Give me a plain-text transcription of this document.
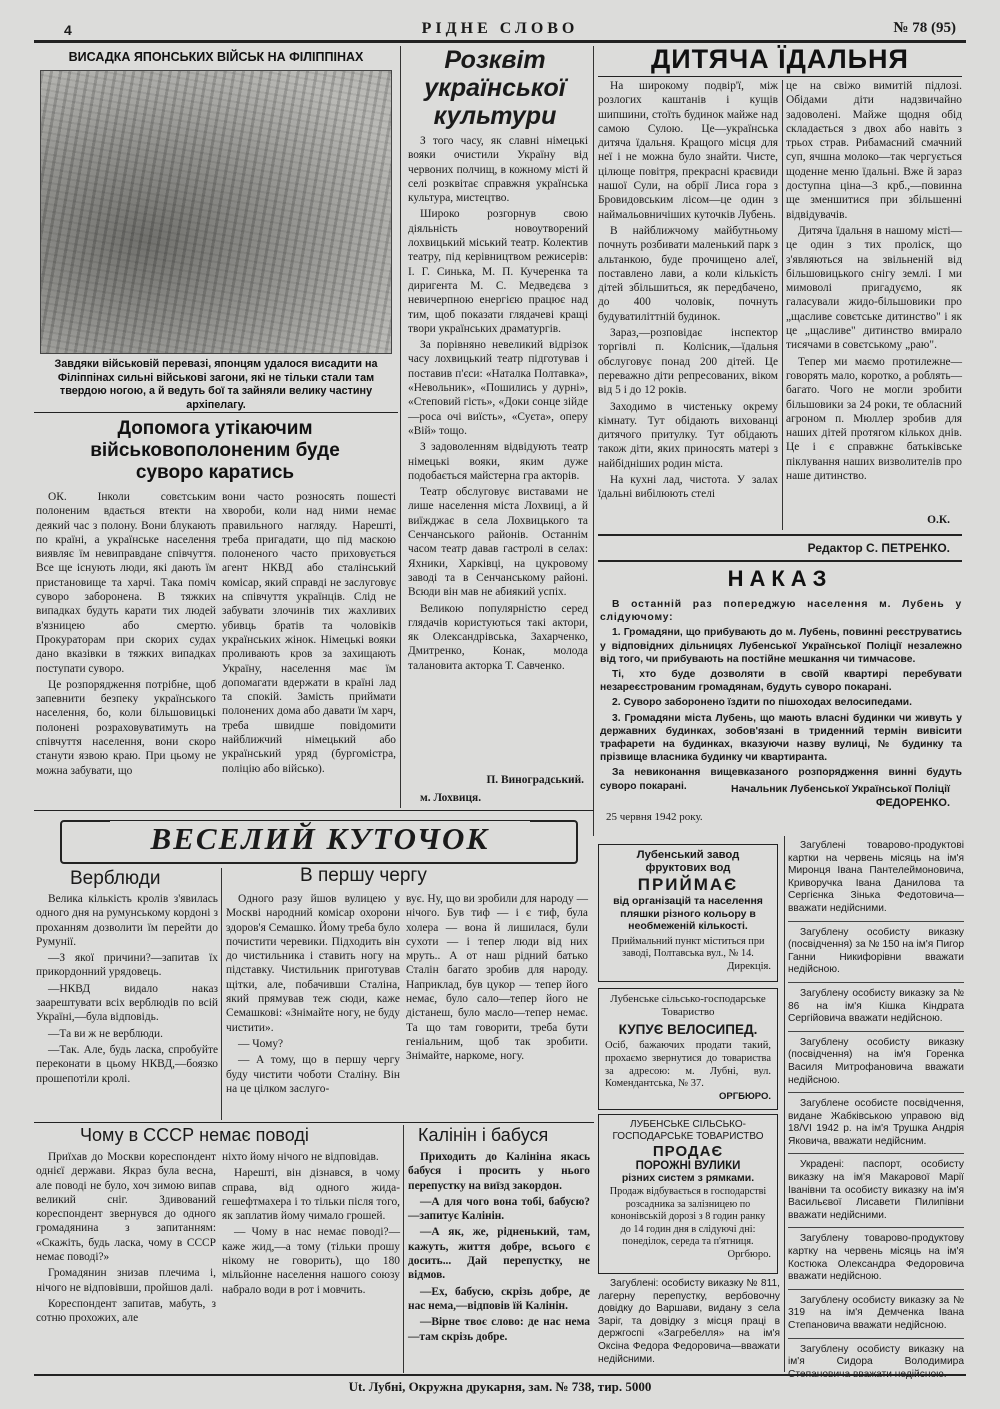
4	РІДНЕ СЛОВО	№ 78 (95)
ВИСАДКА ЯПОНСЬКИХ ВІЙСЬК НА ФІЛІППІНАХ
Завдяки військовій перевазі, японцям удалося висадити на Філіппінах сильні військові загони, які не тільки стали там твердою ногою, а й ведуть бої та зайняли велику частину архіпелагу.
Допомога утікаючим військовополоненим буде суворо каратись

ОК. Інколи совєтським полоненим вдається втекти на деякий час з полону. Вони блукають по країні, а українське населення виявляє їм невиправдане співчуття. Все ще існують люди, які дають їм пристановище та харчі. Така поміч суворо заборонена. В тяжких випадках будуть карати тих людей в'язницею або смертю. Прокураторам при скорих судах дано вказівки в тяжких випадках поступати суворо.

Це розпорядження потрібне, щоб запевнити безпеку українського населення, бо, коли більшовицькі полонені розраховуватимуть на співчуття населення, вони скоро станути язвою краю. При цьому не можна забувати, що

вони часто розносять пошесті хвороби, коли над ними немає правильного нагляду. Нарешті, треба пригадати, що під маскою полоненого часто приховується агент НКВД або сталінський комісар, який справді не заслуговує на співчуття українців. Слід не забувати злочинів тих жахливих убивць братів та чоловіків українських жінок. Німецькі вояки проливають кров за захищають Україну, населення має їм допомагати вдержати в країні лад та спокій. Замість приймати полонених дома або давати їм харч, треба швидше повідомити найближчий німецький або український уряд (бургомістра, поліцію або військо).

Розквіт української культури

З того часу, як славні німецькі вояки очистили Україну від червоних полчищ, в кожному місті й селі розквітає справжня українська культура, мистецтво.

Широко розгорнув свою діяльність новоутворений лохвицький міський театр. Колектив театру, під керівництвом режисерів: І. Г. Синька, М. П. Кучеренка та диригента М. С. Медведєва з невичерпною енергією працює над тим, щоб показати глядачеві кращі твори українських драматургів.

За порівняно невеликий відрізок часу лохвицький театр підготував і поставив п'єси: «Наталка Полтавка», «Невольник», «Пошились у дурні», «Степовий гість», «Доки сонце зійде—роса очі виїсть», «Суєта», оперу «Вій» тощо.

З задоволенням відвідують театр німецькі вояки, яким дуже подобається майстерна гра акторів.

Театр обслуговує виставами не лише населення міста Лохвиці, а й виїжджає в села Лохвицького та Сенчанського районів. Останнім часом театр давав гастролі в селах: Яхники, Харківці, на цукровому заводі та в Сенчанському районі. Всюди він мав не абиякий успіх.

Великою популярністю серед глядачів користуються такі актори, як Олександрівська, Захарченко, Дмитренко, Конак, молода талановита акторка Т. Савченко.

П. Виноградський.
м. Лохвиця.
ДИТЯЧА ЇДАЛЬНЯ

На широкому подвір'ї, між розлогих каштанів і кущів шипшини, стоїть будинок майже над самою Сулою. Це—українська дитяча їдальня. Кращого місця для неї і не можна було знайти. Чисте, цілюще повітря, прекрасні краєвиди нашої Сули, на обрії Лиса гора з Бровидовським лісом—це один з наймальовничіших куточків Лубень.

В найближчому майбутньому почнуть розбивати маленький парк з альтанкою, буде прочищено алеї, поставлено лави, а коли кількість дітей збільшиться, як передбачено, до 400 чоловік, почнуть будуватиліттній будинок.

Зараз,—розповідає інспектор торгівлі п. Колісник,—їдальня обслуговує понад 200 дітей. Це переважно діти репресованих, віком від 5 і до 12 років.

Заходимо в чистеньку окрему кімнату. Тут обідають вихованці дитячого притулку. Тут обідають також діти, яких приносять матері з найбідніших родин міста.

На кухні лад, чистота. У залах їдальні вибілюють стелі

це на свіжо вимитій підлозі. Обідами діти надзвичайно задоволені. Майже щодня обід складається з двох або навіть з трьох страв. Рибамасний смачний суп, ячшна молоко—так чергується щоденне меню їдальні. Вже й зараз доступна ціна—3 крб.,—повинна ще зменшитися при збільшенні відвідувачів.

Дитяча їдальня в нашому місті—це один з тих проліск, що з'являються на звільненій від більшовицького снігу землі. І ми мимоволі пригадуємо, як галасували жидо-більшовики про „щасливе совєтське дитинство" і як це „щасливе" дитинство вмирало тисячами в совєтському „раю".

Тепер ми маємо протилежне—говорять мало, коротко, а роблять—багато. Чого не могли зробити більшовики за 24 роки, те обласний агроном п. Мюллер зробив для наших дітей протягом кількох днів. Це і є справжнє батьківське піклування наших визволителів про наше дитинство.

О.К.
Редактор С. ПЕТРЕНКО.
НАКАЗ

В останній раз попереджую населення м. Лубень у слідуючому:

1. Громадяни, що прибувають до м. Лубень, повинні реєструватись у відповідних дільницях Лубенської Української Поліції незалежно від того, чи прибувають на постійне мешкання чи тимчасове.

Ті, хто буде дозволяти в своїй квартирі перебувати незареєстрованим громадянам, будуть суворо покарані.

2. Суворо заборонено їздити по пішоходах велосипедами.

3. Громадяни міста Лубень, що мають власні будинки чи живуть у державних будинках, зобов'язані в триденний термін вивісити трафарети на будинках, вказуючи назву вулиці, № будинку та прізвище власника будинку чи квартиранта.

За невиконання вищевказаного розпорядження винні будуть суворо покарані.	Начальник Лубенської Української Поліції
ФЕДОРЕНКО.
25 червня 1942 року.
ВЕСЕЛИЙ КУТОЧОК
Верблюди

Велика кількість кролів з'явилась одного дня на румунському кордоні з проханням дозволити їм перейти до Румунії.

—З якої причини?—запитав їх прикордонний урядовець.

—НКВД видало наказ заарештувати всіх верблюдів по всій Україні,—була відповідь.

—Та ви ж не верблюди.

—Так. Але, будь ласка, спробуйте переконати в цьому НКВД,—боязко прошепотіли кролі.

В першу чергу

Одного разу йшов вулицею у Москві народний комісар охорони здоров'я Семашко. Йому треба було почистити черевики. Підходить він до чистильника і ставить ногу на підставку. Чистильник приготував щітки, але, побачивши Сталіна, який прямував теж сюди, каже Семашкові: «Знімайте ногу, не буду чистити».

— Чому?

— А тому, що в першу чергу буду чистити чоботи Сталіну. Він на це цілком заслуго-

вує. Ну, що ви зробили для народу — нічого. Був тиф — і є тиф, була холера — вона й лишилася, були сухоти — і тепер люди від них мруть.. А от наш рідний батько Сталін багато зробив для народу. Наприклад, був цукор — тепер його немає, було сало—тепер його не дістанеш, було масло—тепер немає. Та що там говорити, треба бути геніальним, щоб так зробити. Знімайте, наркоме, ногу.

Чому в СССР немає поводі

Приїхав до Москви кореспондент однієї держави. Якраз була весна, але поводі не було, хоч зимою випав великий сніг. Здивований кореспондент звернувся до одного громадянина з запитанням: «Скажіть, будь ласка, чому в СССР немає поводі?»

Громадянин знизав плечима і, нічого не відповівши, пройшов далі.

Кореспондент запитав, мабуть, з сотню прохожих, але

ніхто йому нічого не відповідав.

Нарешті, він дізнався, в чому справа, від одного жида-гешефтмахера і то тільки після того, як заплатив йому чимало грошей.

— Чому в нас немає поводі?—каже жид,—а тому (тільки прошу нікому не говорить), що 180 мільйонне населення нашого союзу набрало води в рот і мовчить.

Калінін і бабуся

Приходить до Калініна якась бабуся і просить у нього перепустку на виїзд закордон.

—А для чого вона тобі, бабусю?—запитує Калінін.

—А як, же, рідненький, там, кажуть, життя добре, всього є досить... Дай перепустку, не відмов.

—Ех, бабусю, скрізь добре, де нас нема,—відповів їй Калінін.

—Вірне твоє слово: де нас нема—там скрізь добре.

Лубенський завод фруктових вод
ПРИЙМАЄ
від організацій та населення пляшки різного кольору в необмеженій кількості.
Приймальний пункт міститься при заводі, Полтавська вул., № 14.
Дирекція.
Лубенське сільсько-господарське Товариство
КУПУЄ ВЕЛОСИПЕД.
Осіб, бажаючих продати такий, прохаємо звернутися до товариства за адресою: м. Лубні, вул. Комендантська, № 37.
ОРГБЮРО.
ЛУБЕНСЬКЕ СІЛЬСЬКО-ГОСПОДАРСЬКЕ ТОВАРИСТВО
ПРОДАЄ
ПОРОЖНІ ВУЛИКИ
різних систем з рямками.
Продаж відбувається в господарстві розсадника за залізницею по кононівській дорозі з 8 годин ранку до 14 годин дня в слідуючі дні: понеділок, середа та п'ятниця.
Оргбюро.

Загублені: особисту виказку № 811, лагерну перепустку, вербовочну довідку до Варшави, видану з села Заріг, та довідку з місця праці в держгоспі «Загребелля» на ім'я Оксіна Федора Федоровича—вважати недійсними.

Загублені товарово-продуктові картки на червень місяць на ім'я Миронця Івана Пантелеймоновича, Криворучка Івана Данилова та Сергієнка Зінька Федотовича—вважати недійсними.

Загублену особисту виказку (посвідчення) за № 150 на ім'я Пигор Ганни Никифорівни вважати недійсною.

Загублену особисту виказку за № 86 на ім'я Кішка Кіндрата Сергійовича вважати недійсною.

Загублену особисту виказку (посвідчення) на ім'я Горенка Василя Митрофановича вважати недійсною.

Загублене особисте посвідчення, видане Жабківською управою від 18/VI 1942 р. на ім'я Трушка Андрія Яковича, вважати недійсним.

Украдені: паспорт, особисту виказку на ім'я Макарової Марії Іванівни та особисту виказку на ім'я Васильєвої Лисавети Пилипівни вважати недійсними.

Загублену товарово-продуктову картку на червень місяць на ім'я Костюка Олександра Федоровича вважати недійсною.

Загублену особисту виказку за № 319 на ім'я Демченка Івана Степановича вважати недійсною.

Загублену особисту виказку на ім'я Сидора Володимира

Ut. Лубні, Окружна друкарня, зам. № 738, тир. 5000
